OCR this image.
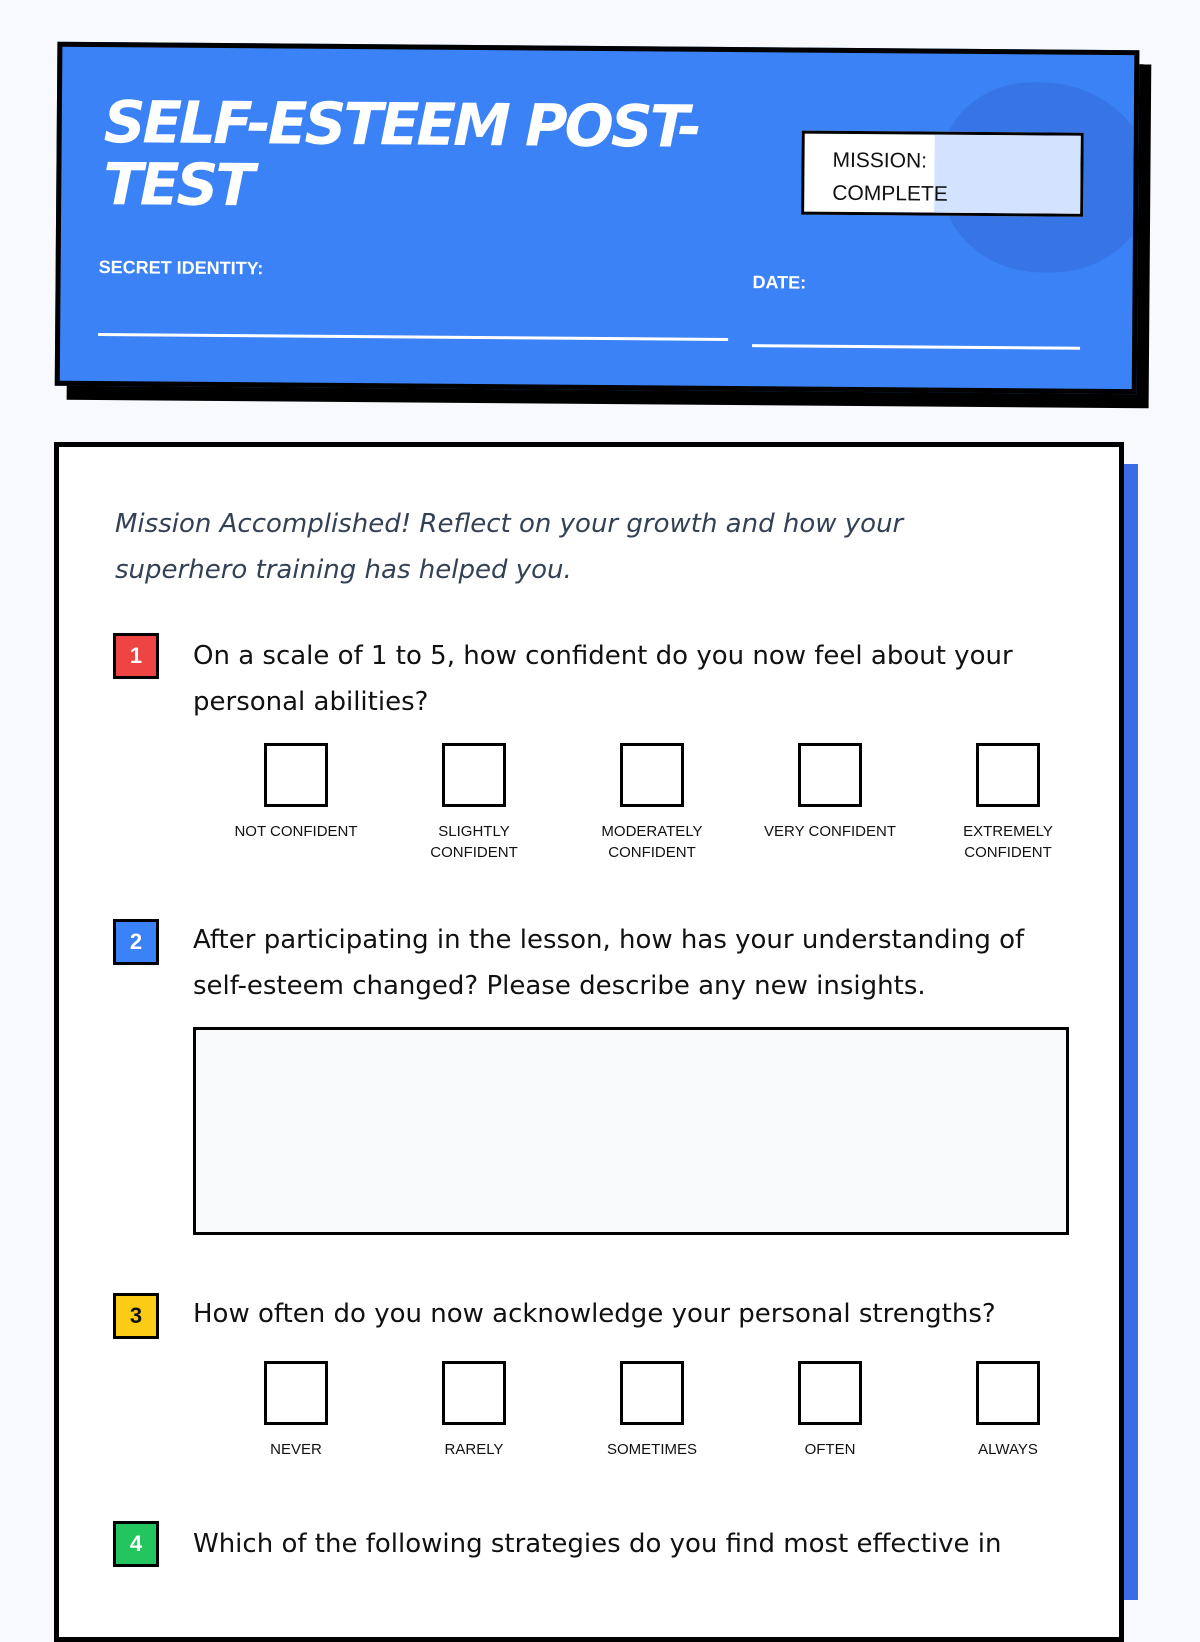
SELF-ESTEEM POST-TEST	MISSION: COMPLETE
SECRET IDENTITY:
DATE:
Mission Accomplished! Reflect on your growth and how your superhero training has helped you.
1	On a scale of 1 to 5, how confident do you now feel about your personal abilities?
NOT CONFIDENT	SLIGHTLY CONFIDENT
MODERATELY CONFIDENT
VERY CONFIDENT	EXTREMELY CONFIDENT
2	After participating in the lesson, how has your understanding of self-esteem changed? Please describe any new insights.
3	How often do you now acknowledge your personal strengths?
NEVER	RARELY	SOMETIMES	OFTEN	ALWAYS
4	Which of the following strategies do you find most effective in
